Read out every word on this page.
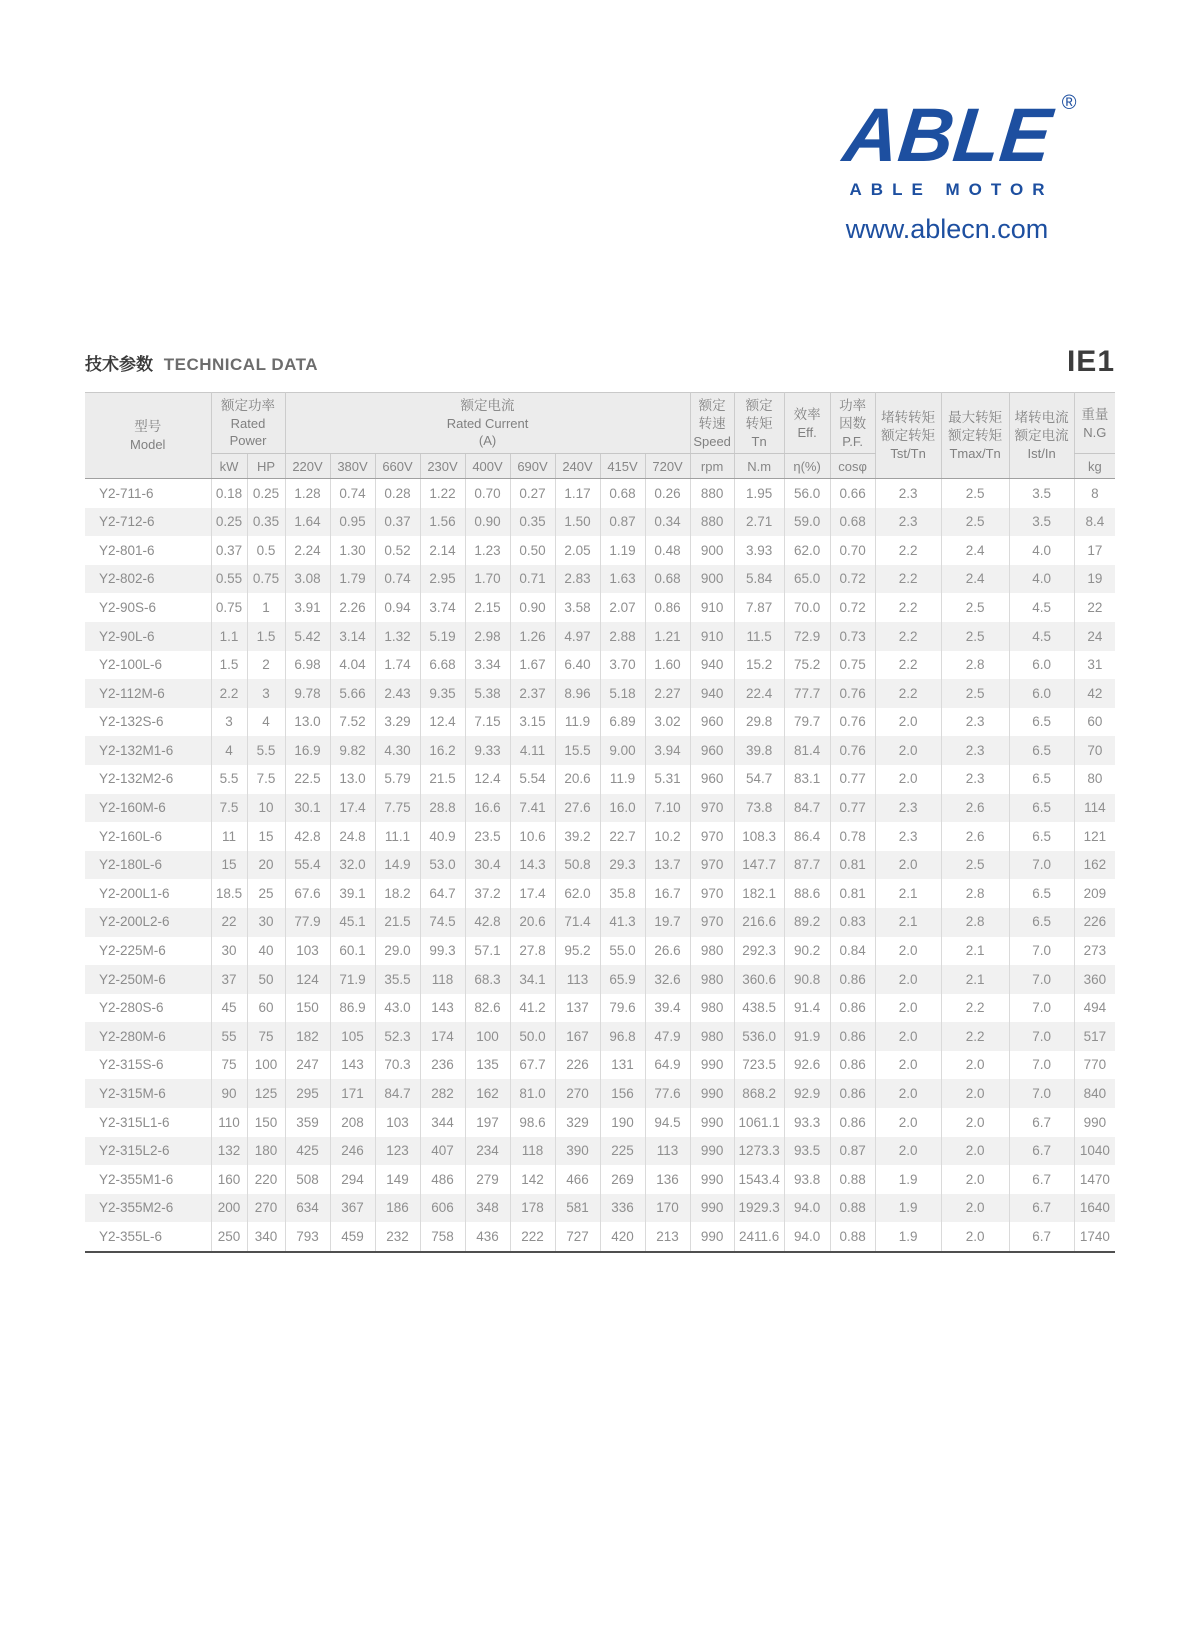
ABLE ®
ABLE MOTOR
www.ablecn.com
技术参数 TECHNICAL DATA	IE1
型号
Model	额定功率
Rated
Power		额定电流
Rated Current
(A)									额定
转速
Speed	额定
转矩
Tn	效率
Eff.	功率
因数
P.F.	堵转转矩
额定转矩
Tst/Tn	最大转矩
额定转矩
Tmax/Tn	堵转电流
额定电流
Ist/In	重量
N.G

	kW	HP	220V	380V	660V	230V	400V	690V	240V	415V	720V	rpm	N.m	η(%)	cosφ				kg
Y2-711-6	0.18	0.25	1.28	0.74	0.28	1.22	0.70	0.27	1.17	0.68	0.26	880	1.95	56.0	0.66	2.3	2.5	3.5	8
Y2-712-6	0.25	0.35	1.64	0.95	0.37	1.56	0.90	0.35	1.50	0.87	0.34	880	2.71	59.0	0.68	2.3	2.5	3.5	8.4
Y2-801-6	0.37	0.5	2.24	1.30	0.52	2.14	1.23	0.50	2.05	1.19	0.48	900	3.93	62.0	0.70	2.2	2.4	4.0	17
Y2-802-6	0.55	0.75	3.08	1.79	0.74	2.95	1.70	0.71	2.83	1.63	0.68	900	5.84	65.0	0.72	2.2	2.4	4.0	19
Y2-90S-6	0.75	1	3.91	2.26	0.94	3.74	2.15	0.90	3.58	2.07	0.86	910	7.87	70.0	0.72	2.2	2.5	4.5	22
Y2-90L-6	1.1	1.5	5.42	3.14	1.32	5.19	2.98	1.26	4.97	2.88	1.21	910	11.5	72.9	0.73	2.2	2.5	4.5	24
Y2-100L-6	1.5	2	6.98	4.04	1.74	6.68	3.34	1.67	6.40	3.70	1.60	940	15.2	75.2	0.75	2.2	2.8	6.0	31
Y2-112M-6	2.2	3	9.78	5.66	2.43	9.35	5.38	2.37	8.96	5.18	2.27	940	22.4	77.7	0.76	2.2	2.5	6.0	42
Y2-132S-6	3	4	13.0	7.52	3.29	12.4	7.15	3.15	11.9	6.89	3.02	960	29.8	79.7	0.76	2.0	2.3	6.5	60
Y2-132M1-6	4	5.5	16.9	9.82	4.30	16.2	9.33	4.11	15.5	9.00	3.94	960	39.8	81.4	0.76	2.0	2.3	6.5	70
Y2-132M2-6	5.5	7.5	22.5	13.0	5.79	21.5	12.4	5.54	20.6	11.9	5.31	960	54.7	83.1	0.77	2.0	2.3	6.5	80
Y2-160M-6	7.5	10	30.1	17.4	7.75	28.8	16.6	7.41	27.6	16.0	7.10	970	73.8	84.7	0.77	2.3	2.6	6.5	114
Y2-160L-6	11	15	42.8	24.8	11.1	40.9	23.5	10.6	39.2	22.7	10.2	970	108.3	86.4	0.78	2.3	2.6	6.5	121
Y2-180L-6	15	20	55.4	32.0	14.9	53.0	30.4	14.3	50.8	29.3	13.7	970	147.7	87.7	0.81	2.0	2.5	7.0	162
Y2-200L1-6	18.5	25	67.6	39.1	18.2	64.7	37.2	17.4	62.0	35.8	16.7	970	182.1	88.6	0.81	2.1	2.8	6.5	209
Y2-200L2-6	22	30	77.9	45.1	21.5	74.5	42.8	20.6	71.4	41.3	19.7	970	216.6	89.2	0.83	2.1	2.8	6.5	226
Y2-225M-6	30	40	103	60.1	29.0	99.3	57.1	27.8	95.2	55.0	26.6	980	292.3	90.2	0.84	2.0	2.1	7.0	273
Y2-250M-6	37	50	124	71.9	35.5	118	68.3	34.1	113	65.9	32.6	980	360.6	90.8	0.86	2.0	2.1	7.0	360
Y2-280S-6	45	60	150	86.9	43.0	143	82.6	41.2	137	79.6	39.4	980	438.5	91.4	0.86	2.0	2.2	7.0	494
Y2-280M-6	55	75	182	105	52.3	174	100	50.0	167	96.8	47.9	980	536.0	91.9	0.86	2.0	2.2	7.0	517
Y2-315S-6	75	100	247	143	70.3	236	135	67.7	226	131	64.9	990	723.5	92.6	0.86	2.0	2.0	7.0	770
Y2-315M-6	90	125	295	171	84.7	282	162	81.0	270	156	77.6	990	868.2	92.9	0.86	2.0	2.0	7.0	840
Y2-315L1-6	110	150	359	208	103	344	197	98.6	329	190	94.5	990	1061.1	93.3	0.86	2.0	2.0	6.7	990
Y2-315L2-6	132	180	425	246	123	407	234	118	390	225	113	990	1273.3	93.5	0.87	2.0	2.0	6.7	1040
Y2-355M1-6	160	220	508	294	149	486	279	142	466	269	136	990	1543.4	93.8	0.88	1.9	2.0	6.7	1470
Y2-355M2-6	200	270	634	367	186	606	348	178	581	336	170	990	1929.3	94.0	0.88	1.9	2.0	6.7	1640
Y2-355L-6	250	340	793	459	232	758	436	222	727	420	213	990	2411.6	94.0	0.88	1.9	2.0	6.7	1740
